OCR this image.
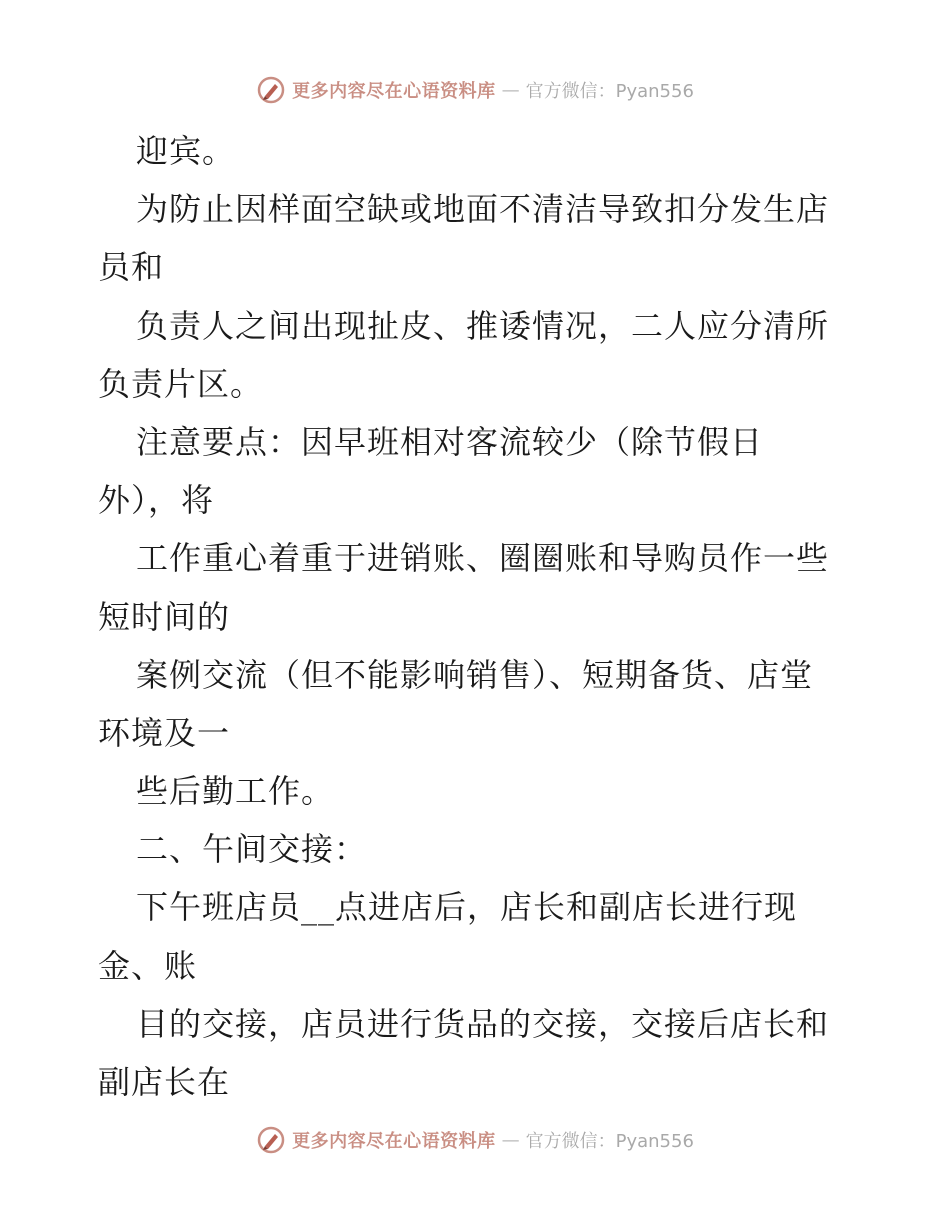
更多内容尽在心语资料库 — 官方微信：Pyan556
迎宾。
为防止因样面空缺或地面不清洁导致扣分发生店
员和
负责人之间出现扯皮、推诿情况，二人应分清所
负责片区。
注意要点：因早班相对客流较少（除节假日
外），将
工作重心着重于进销账、圈圈账和导购员作一些
短时间的
案例交流（但不能影响销售）、短期备货、店堂
环境及一
些后勤工作。
二、午间交接：
下午班店员__点进店后，店长和副店长进行现
金、账
目的交接，店员进行货品的交接，交接后店长和
副店长在
更多内容尽在心语资料库 — 官方微信：Pyan556
